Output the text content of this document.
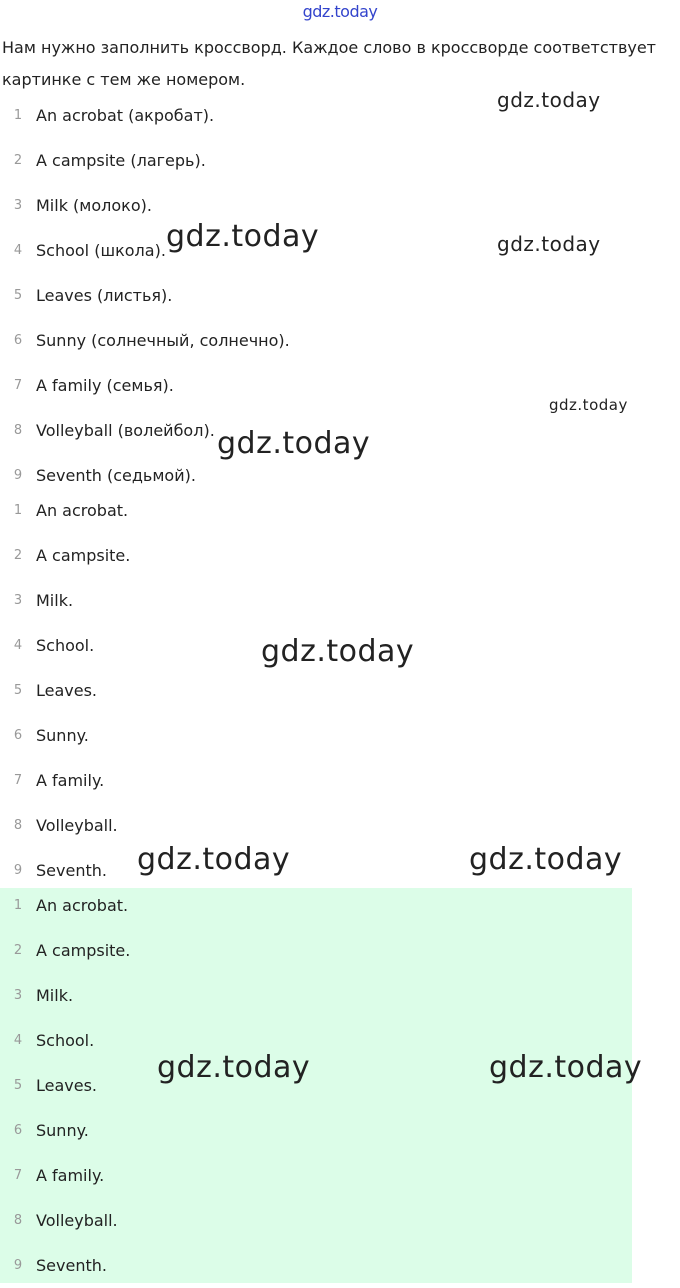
gdz.today

Нам нужно заполнить кроссворд. Каждое слово в кроссворде соответствует картинке с тем же номером.

1 An acrobat (акробат).
2 A campsite (лагерь).
3 Milk (молоко).
4 School (школа).
5 Leaves (листья).
6 Sunny (солнечный, солнечно).
7 A family (семья).
8 Volleyball (волейбол).
9 Seventh (седьмой).
1 An acrobat.
2 A campsite.
3 Milk.
4 School.
5 Leaves.
6 Sunny.
7 A family.
8 Volleyball.
9 Seventh.
1 An acrobat.
2 A campsite.
3 Milk.
4 School.
5 Leaves.
6 Sunny.
7 A family.
8 Volleyball.
9 Seventh.
gdz.today
gdz.today
gdz.today
gdz.today
gdz.today
gdz.today
gdz.today	gdz.today
gdz.today	gdz.today
